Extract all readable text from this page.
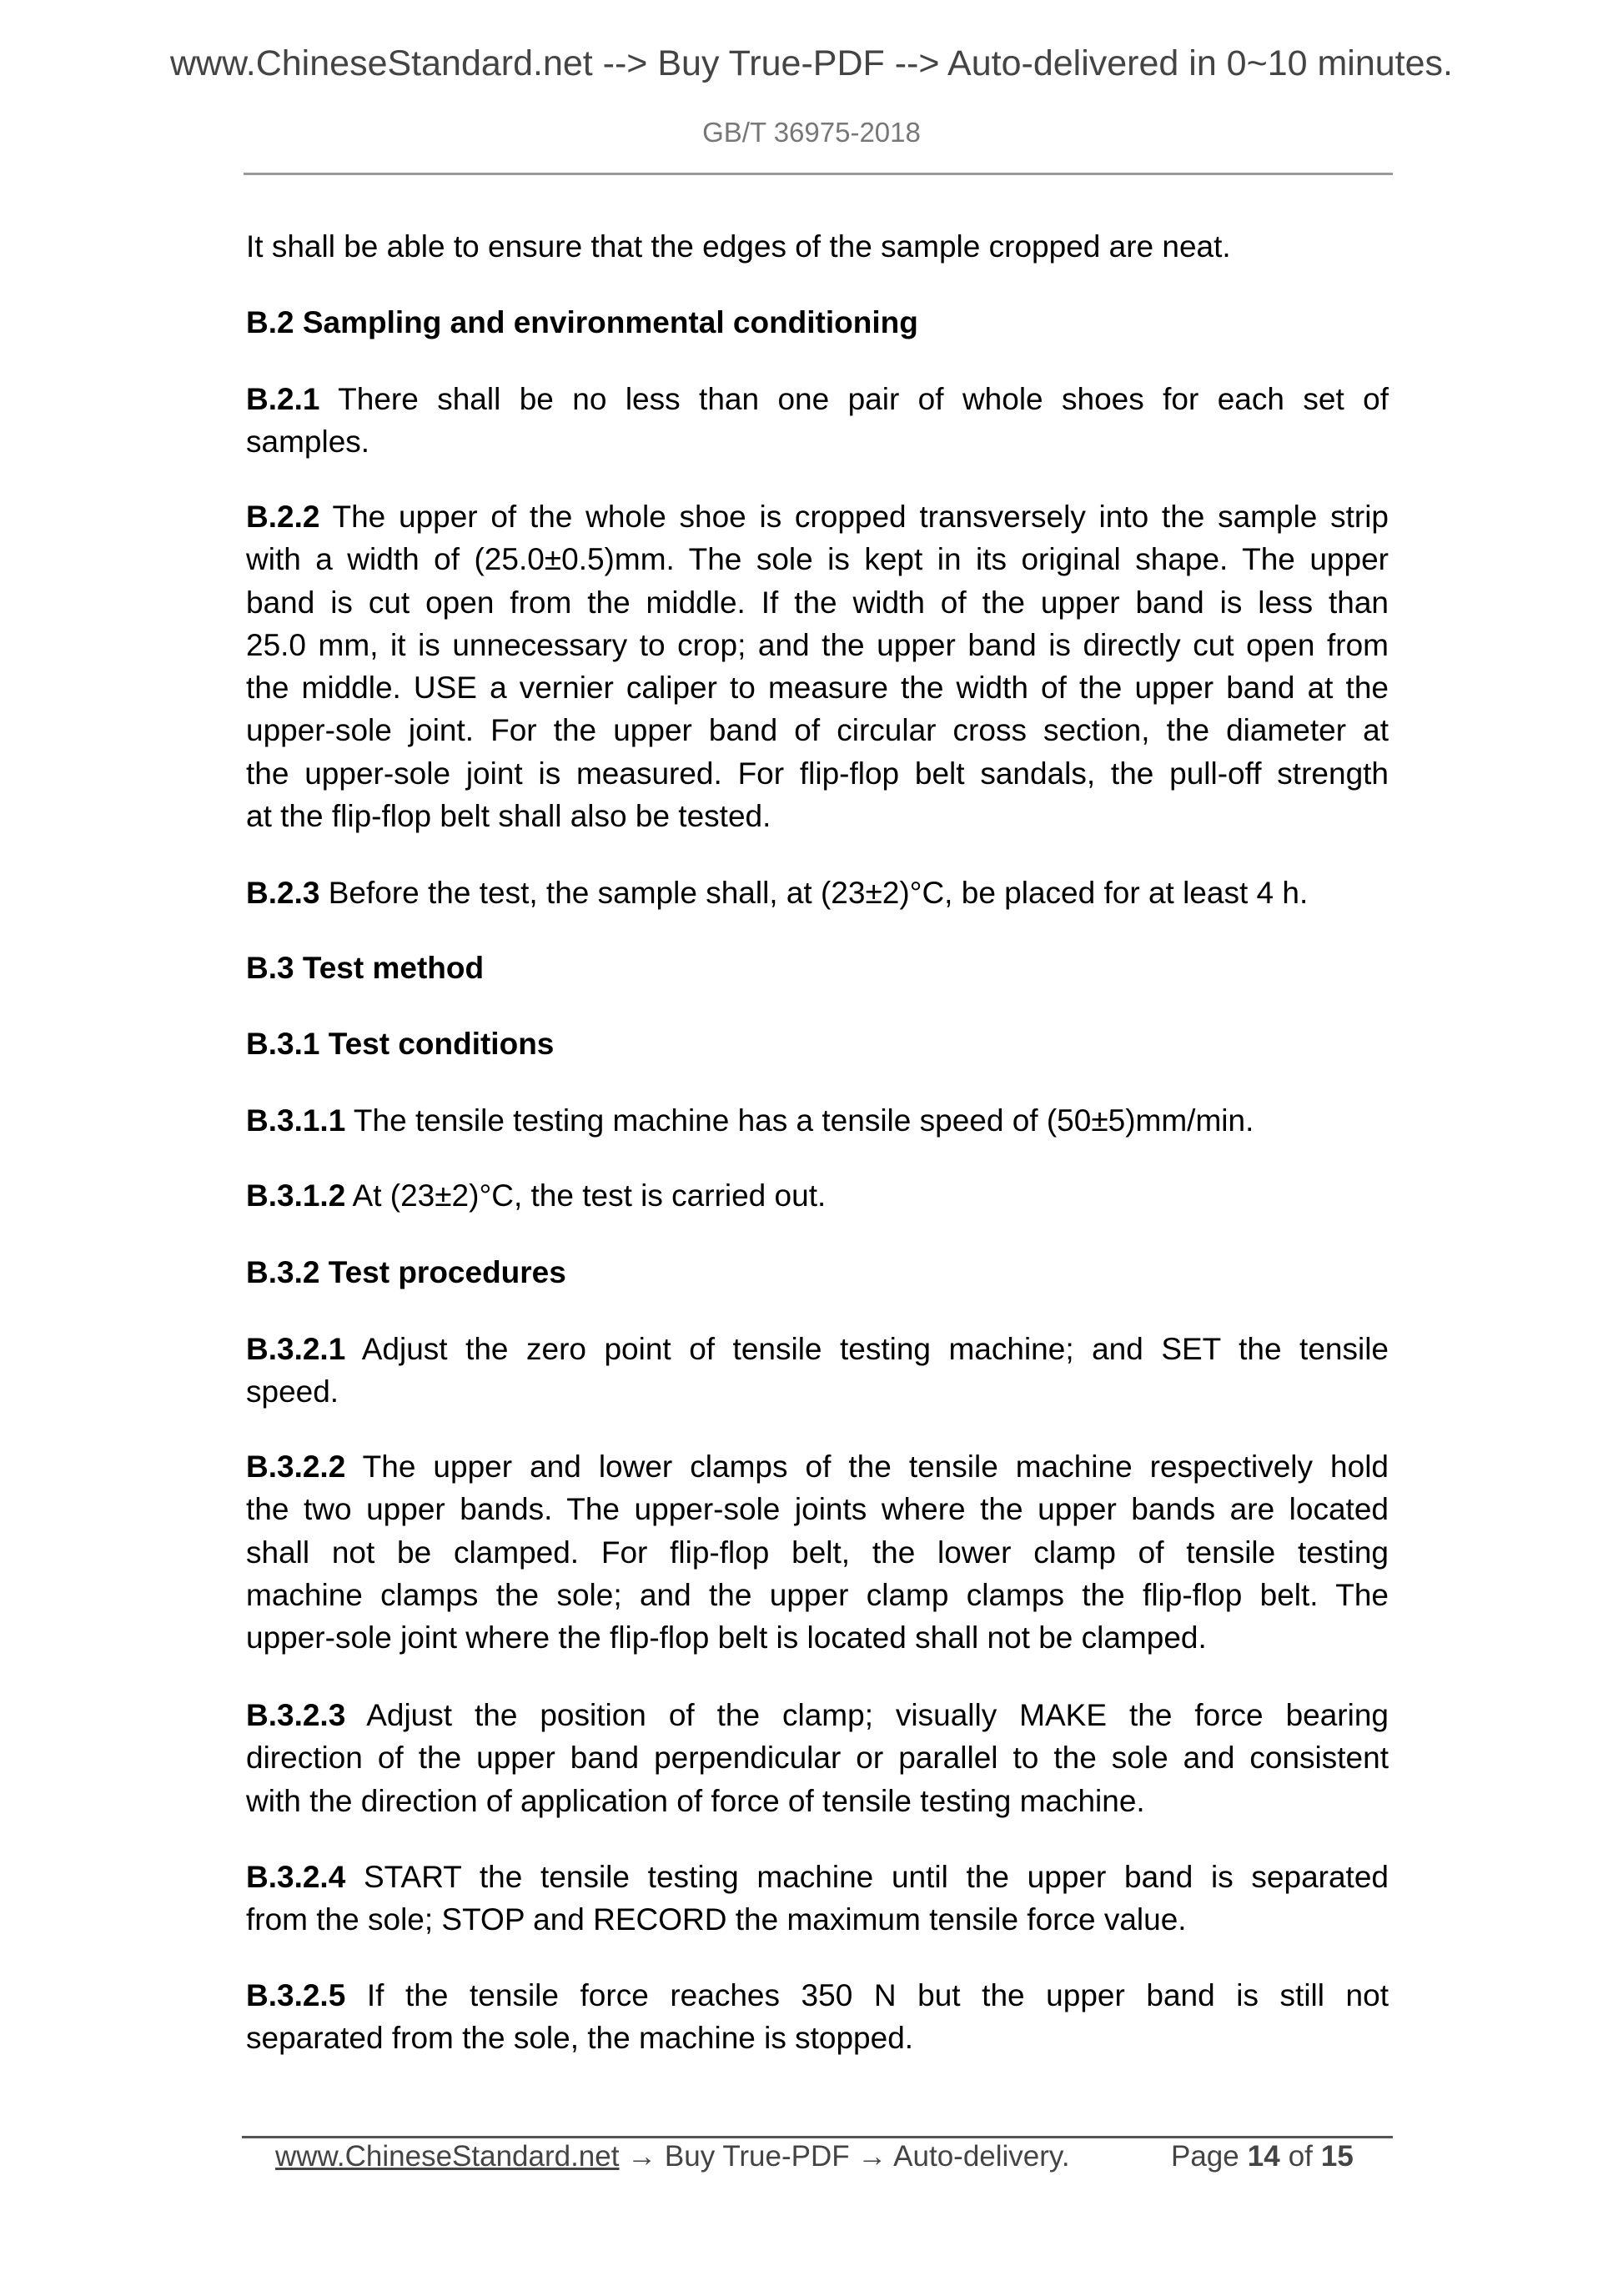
www.ChineseStandard.net --> Buy True-PDF --> Auto-delivered in 0~10 minutes.
GB/T 36975-2018
It shall be able to ensure that the edges of the sample cropped are neat.
B.2 Sampling and environmental conditioning
B.2.1 There shall be no less than one pair of whole shoes for each set of
samples.
B.2.2 The upper of the whole shoe is cropped transversely into the sample strip
with a width of (25.0±0.5)mm. The sole is kept in its original shape. The upper
band is cut open from the middle. If the width of the upper band is less than
25.0 mm, it is unnecessary to crop; and the upper band is directly cut open from
the middle. USE a vernier caliper to measure the width of the upper band at the
upper-sole joint. For the upper band of circular cross section, the diameter at
the upper-sole joint is measured. For flip-flop belt sandals, the pull-off strength
at the flip-flop belt shall also be tested.
B.2.3 Before the test, the sample shall, at (23±2)°C, be placed for at least 4 h.
B.3 Test method
B.3.1 Test conditions
B.3.1.1 The tensile testing machine has a tensile speed of (50±5)mm/min.
B.3.1.2 At (23±2)°C, the test is carried out.
B.3.2 Test procedures
B.3.2.1 Adjust the zero point of tensile testing machine; and SET the tensile
speed.
B.3.2.2 The upper and lower clamps of the tensile machine respectively hold
the two upper bands. The upper-sole joints where the upper bands are located
shall not be clamped. For flip-flop belt, the lower clamp of tensile testing
machine clamps the sole; and the upper clamp clamps the flip-flop belt. The
upper-sole joint where the flip-flop belt is located shall not be clamped.
B.3.2.3 Adjust the position of the clamp; visually MAKE the force bearing
direction of the upper band perpendicular or parallel to the sole and consistent
with the direction of application of force of tensile testing machine.
B.3.2.4 START the tensile testing machine until the upper band is separated
from the sole; STOP and RECORD the maximum tensile force value.
B.3.2.5 If the tensile force reaches 350 N but the upper band is still not
separated from the sole, the machine is stopped.
www.ChineseStandard.net → Buy True-PDF → Auto-delivery.	Page 14 of 15
